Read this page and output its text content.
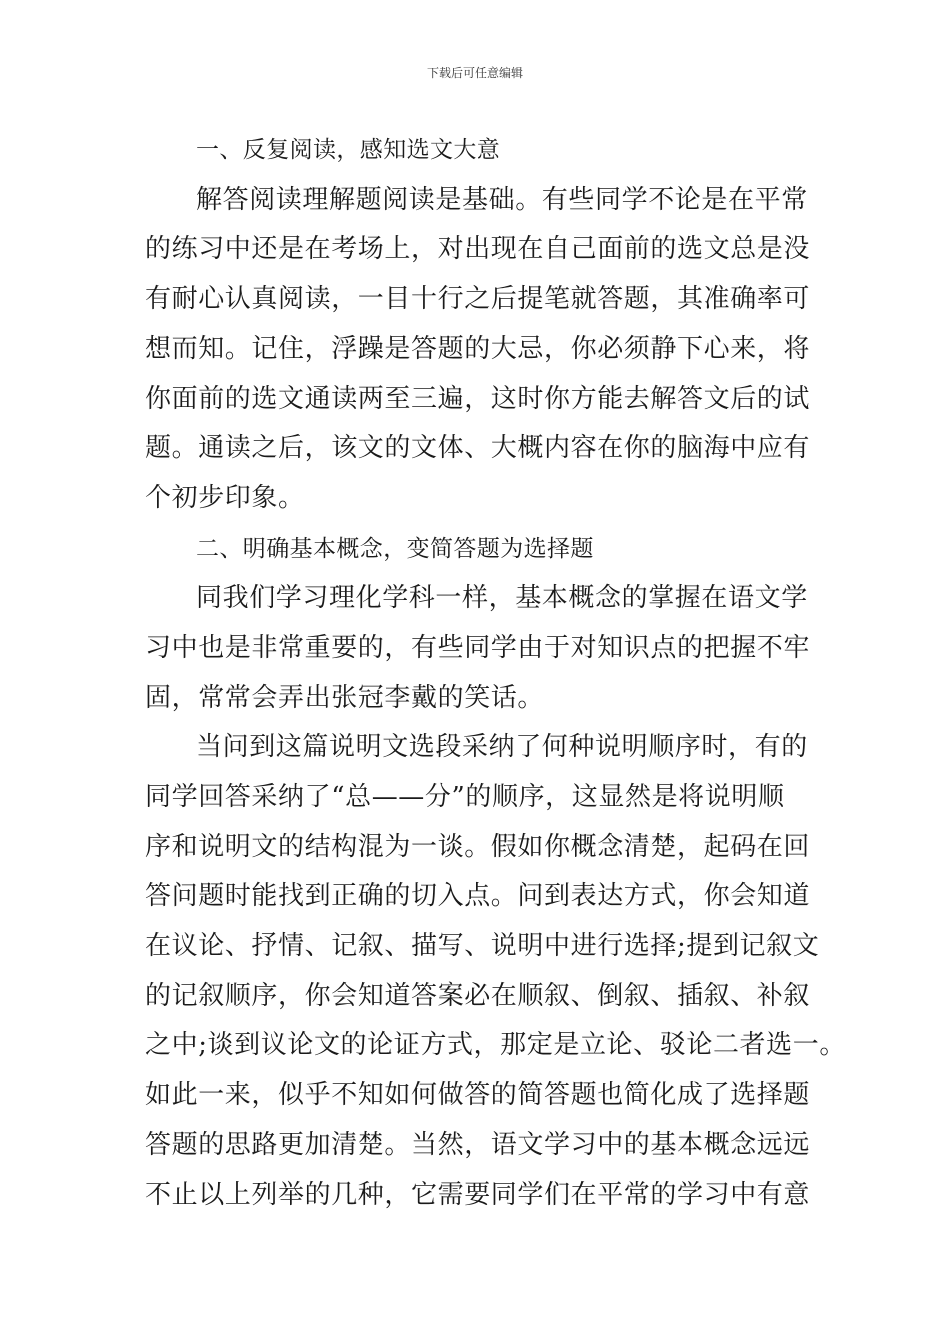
下载后可任意编辑
一、反复阅读，感知选文大意
解答阅读理解题阅读是基础。有些同学不论是在平常
的练习中还是在考场上，对出现在自己面前的选文总是没
有耐心认真阅读，一目十行之后提笔就答题，其准确率可
想而知。记住，浮躁是答题的大忌，你必须静下心来，将
你面前的选文通读两至三遍，这时你方能去解答文后的试
题。通读之后，该文的文体、大概内容在你的脑海中应有
个初步印象。
二、明确基本概念，变简答题为选择题
同我们学习理化学科一样，基本概念的掌握在语文学
习中也是非常重要的，有些同学由于对知识点的把握不牢
固，常常会弄出张冠李戴的笑话。
当问到这篇说明文选段采纳了何种说明顺序时，有的
同学回答采纳了“总——分”的顺序，这显然是将说明顺
序和说明文的结构混为一谈。假如你概念清楚，起码在回
答问题时能找到正确的切入点。问到表达方式，你会知道
在议论、抒情、记叙、描写、说明中进行选择;提到记叙文
的记叙顺序，你会知道答案必在顺叙、倒叙、插叙、补叙
之中;谈到议论文的论证方式，那定是立论、驳论二者选一。
如此一来，似乎不知如何做答的简答题也简化成了选择题
答题的思路更加清楚。当然，语文学习中的基本概念远远
不止以上列举的几种，它需要同学们在平常的学习中有意
